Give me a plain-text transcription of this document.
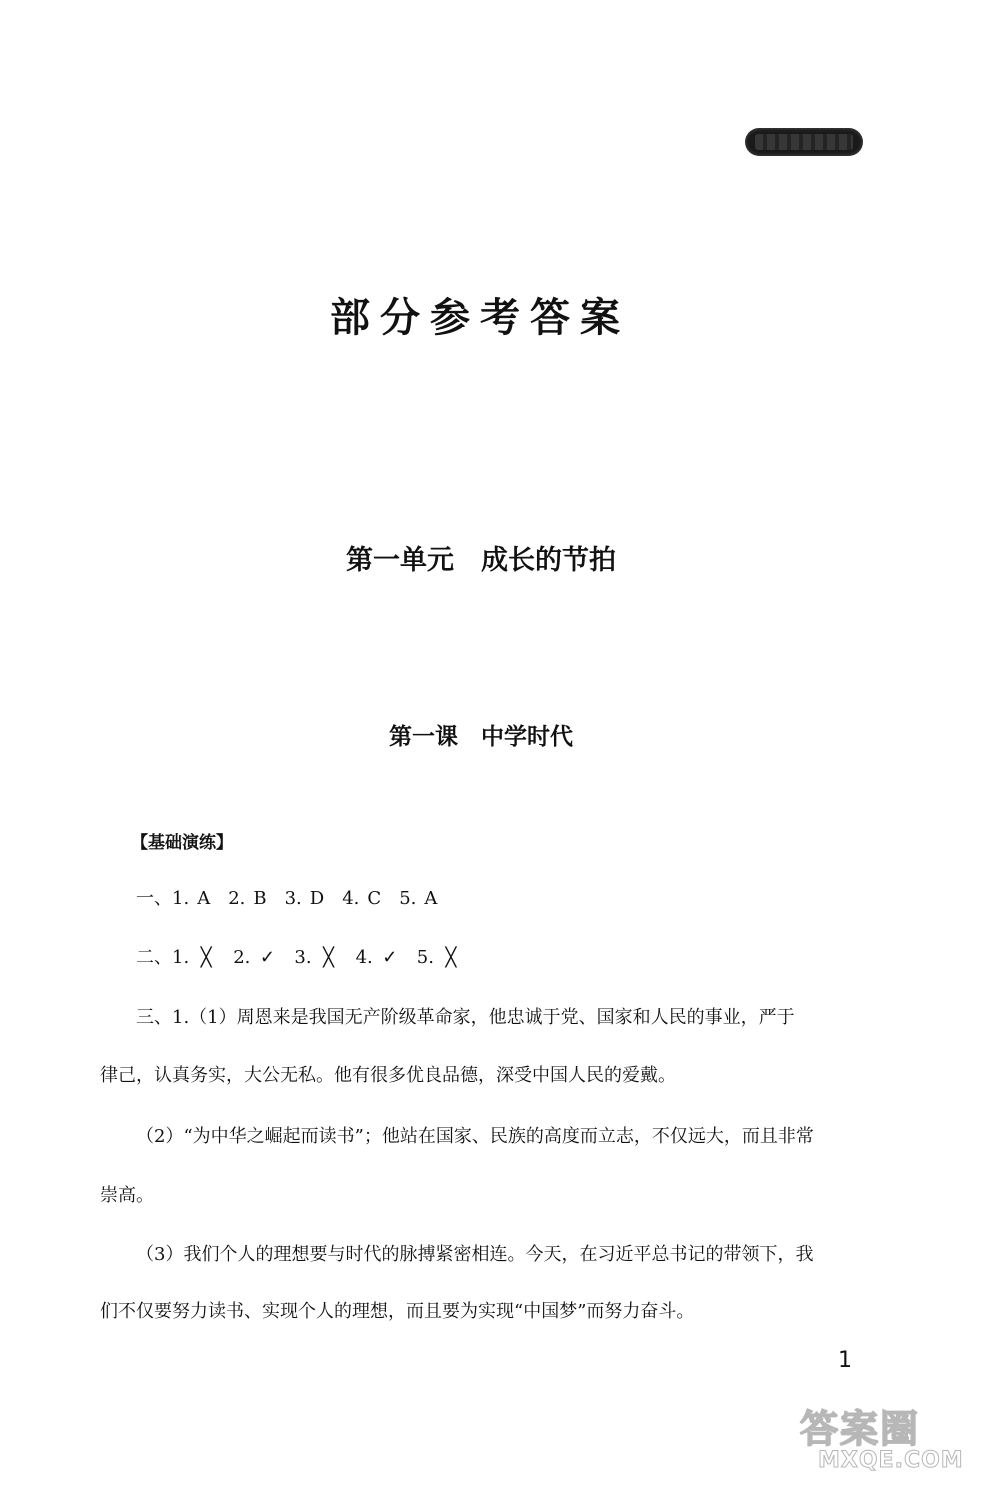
部分参考答案
第一单元　成长的节拍
第一课　中学时代
【基础演练】
一、 1. A 2. B 3. D 4. C 5. A
二、 1. ╳ 2. ✓ 3. ╳ 4. ✓ 5. ╳
三、1.（1）周恩来是我国无产阶级革命家，他忠诚于党、国家和人民的事业，严于
律己，认真务实，大公无私。他有很多优良品德，深受中国人民的爱戴。
（2）“为中华之崛起而读书”；他站在国家、民族的高度而立志，不仅远大，而且非常
崇高。
（3）我们个人的理想要与时代的脉搏紧密相连。今天，在习近平总书记的带领下，我
们不仅要努力读书、实现个人的理想，而且要为实现“中国梦”而努力奋斗。
1
答案圈
MXQE.COM
